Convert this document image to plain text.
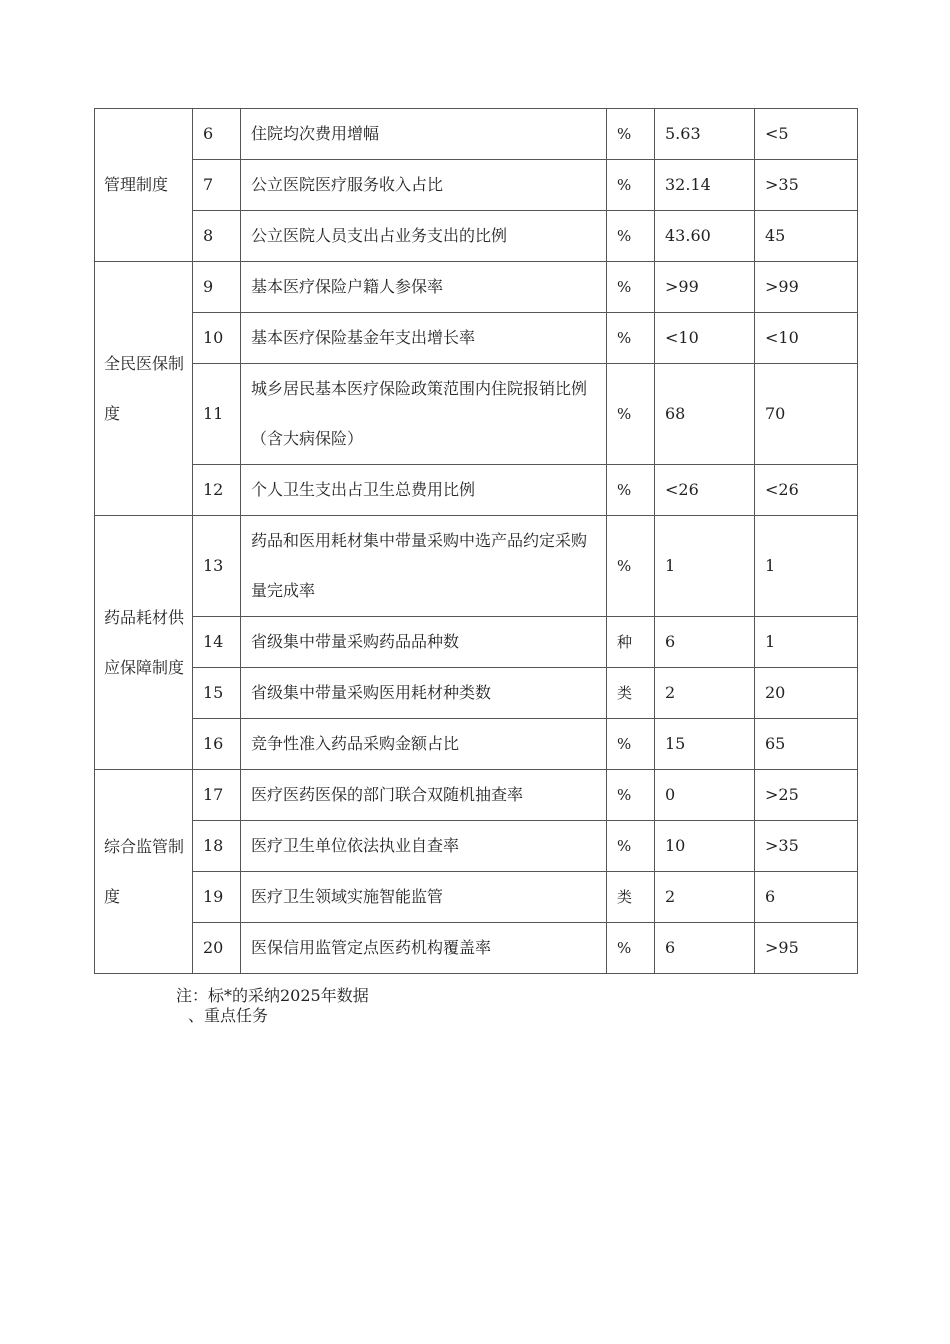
管理制度	6	住院均次费用增幅	%	5.63	<5
	7	公立医院医疗服务收入占比	%	32.14	>35
	8	公立医院人员支出占业务支出的比例	%	43.60	45
全民医保制度	9	基本医疗保险户籍人参保率	%	>99	>99
	10	基本医疗保险基金年支出增长率	%	<10	<10
	11	城乡居民基本医疗保险政策范围内住院报销比例（含大病保险）	%	68	70
	12	个人卫生支出占卫生总费用比例	%	<26	<26
药品耗材供应保障制度	13	药品和医用耗材集中带量采购中选产品约定采购量完成率	%	1	1
	14	省级集中带量采购药品品种数	种	6	1
	15	省级集中带量采购医用耗材种类数	类	2	20
	16	竞争性准入药品采购金额占比	%	15	65
综合监管制度	17	医疗医药医保的部门联合双随机抽查率	%	0	>25
	18	医疗卫生单位依法执业自查率	%	10	>35
	19	医疗卫生领域实施智能监管	类	2	6
	20	医保信用监管定点医药机构覆盖率	%	6	>95

注：标*的采纳2025年数据

、重点任务
